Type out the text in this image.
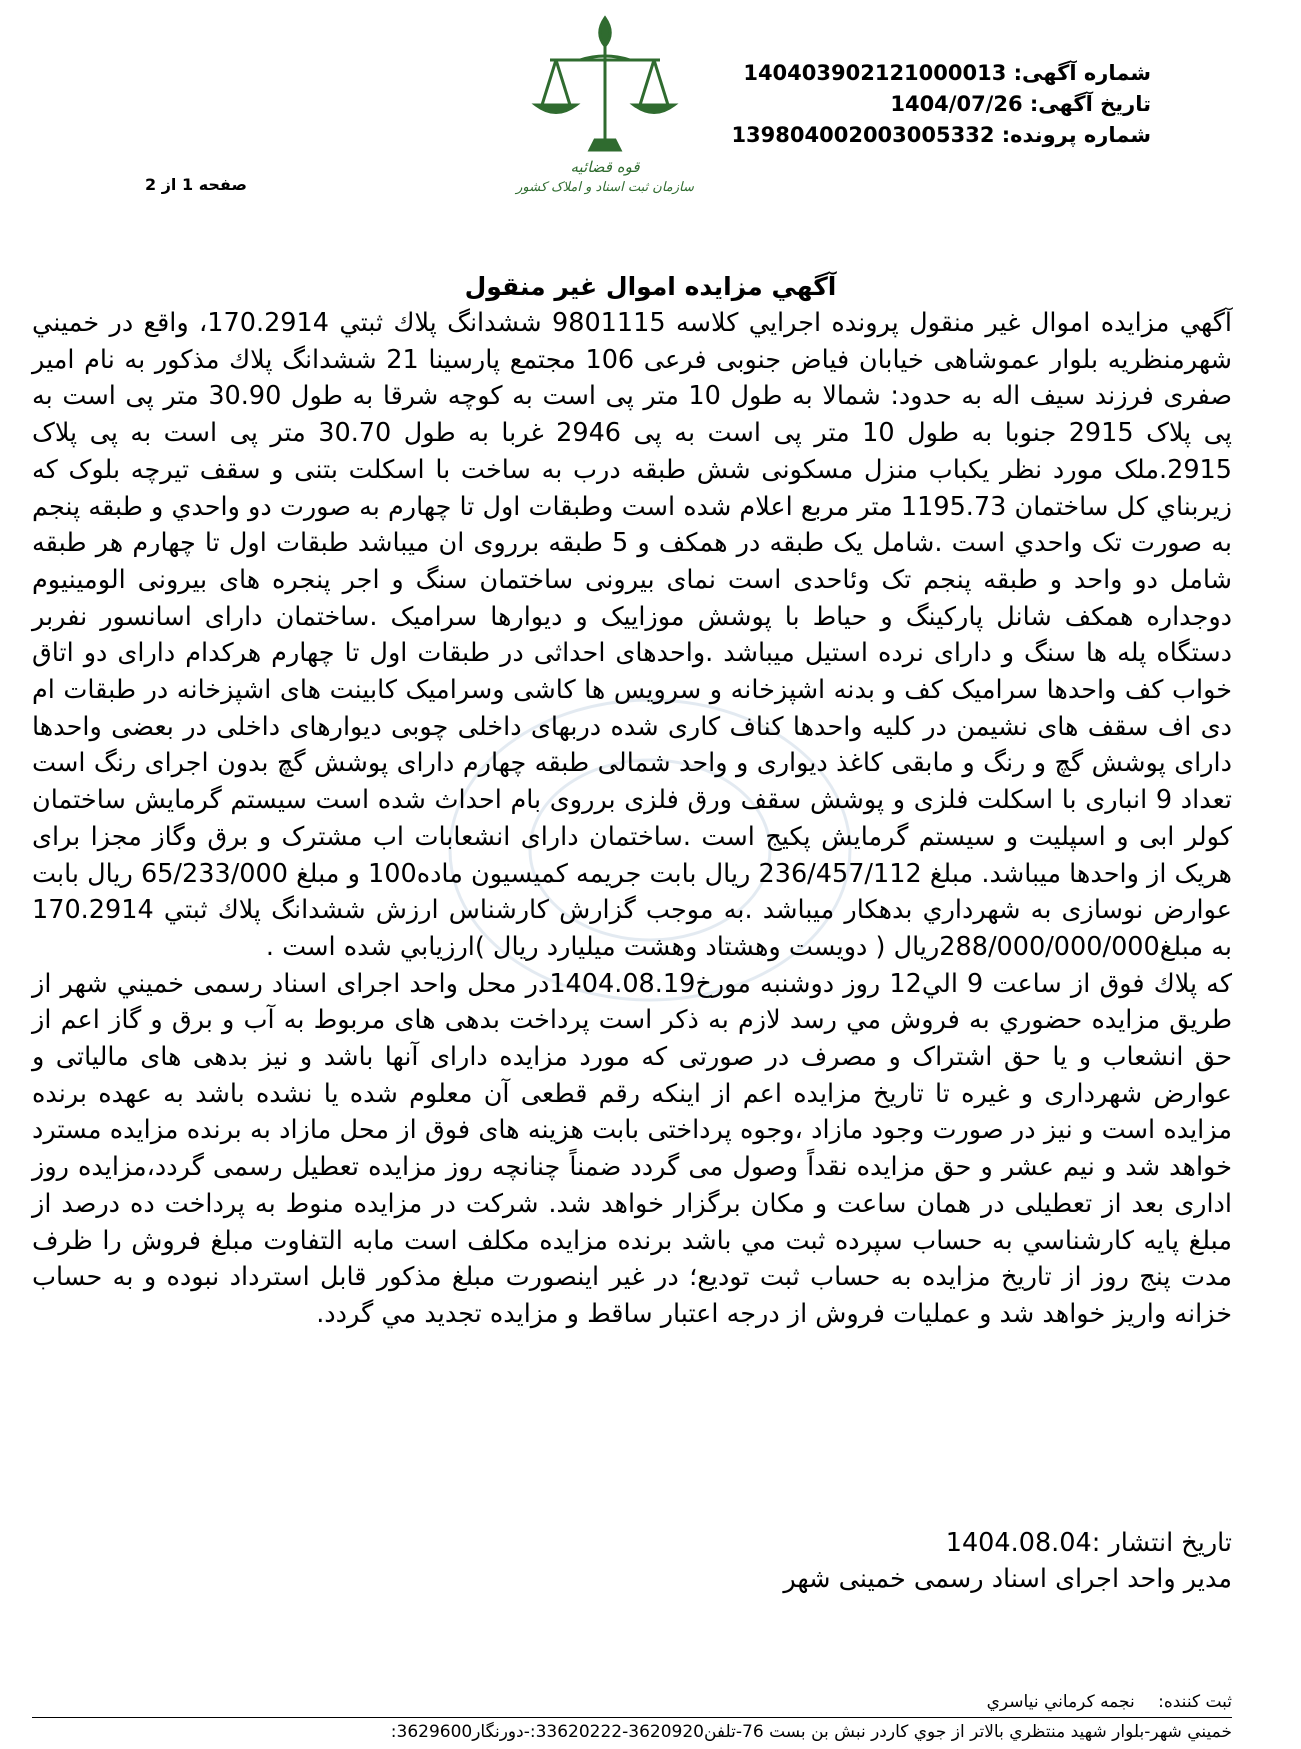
شماره آگهی: 140403902121000013
تاریخ آگهی: 1404/07/26
شماره پرونده: 139804002003005332
قوه قضائیه
سازمان ثبت اسناد و املاک کشور
صفحه 1 از 2
آگهي مزايده اموال غير منقول

آگهي مزايده اموال غير منقول پرونده اجرايي كلاسه 9801115 ششدانگ پلاك ثبتي 170.2914، واقع در خميني شهرمنظريه بلوار عموشاهی خیابان فیاض جنوبی فرعی 106 مجتمع پارسینا 21 ششدانگ پلاك مذكور به نام امیر صفری فرزند سیف اله به حدود: شمالا به طول 10 متر پی است به کوچه شرقا به طول 30.90 متر پی است به پی پلاک 2915 جنوبا به طول 10 متر پی است به پی 2946 غربا به طول 30.70 متر پی است به پی پلاک 2915.ملک مورد نظر یکباب منزل مسکونی شش طبقه درب به ساخت با اسکلت بتنی و سقف تیرچه بلوک که زیربناي کل ساختمان 1195.73 متر مربع اعلام شده است وطبقات اول تا چهارم به صورت دو واحدي و طبقه پنجم به صورت تک واحدي است .شامل یک طبقه در همکف و 5 طبقه برروی ان میباشد طبقات اول تا چهارم هر طبقه شامل دو واحد و طبقه پنجم تک وئاحدی است نمای بیرونی ساختمان سنگ و اجر پنجره های بیرونی الومینیوم دوجداره همکف شانل پارکینگ و حیاط با پوشش موزاییک و دیوارها سرامیک .ساختمان دارای اسانسور نفربر دستگاه پله ها سنگ و دارای نرده استیل میباشد .واحدهای احداثی در طبقات اول تا چهارم هرکدام دارای دو اتاق خواب کف واحدها سرامیک کف و بدنه اشپزخانه و سرویس ها کاشی وسرامیک کابینت های اشپزخانه در طبقات ام دی اف سقف های نشیمن در کلیه واحدها کناف کاری شده دربهای داخلی چوبی دیوارهای داخلی در بعضی واحدها دارای پوشش گچ و رنگ و مابقی کاغذ دیواری و واحد شمالی طبقه چهارم دارای پوشش گچ بدون اجرای رنگ است تعداد 9 انباری با اسکلت فلزی و پوشش سقف ورق فلزی برروی بام احداث شده است سیستم گرمایش ساختمان کولر ابی و اسپلیت و سیستم گرمایش پکیج است .ساختمان دارای انشعابات اب مشترک و برق وگاز مجزا برای هریک از واحدها میباشد. مبلغ 236/457/112 ریال بابت جریمه کمیسیون ماده100 و مبلغ 65/233/000 ریال بابت عوارض نوسازی به شهرداري بدهکار میباشد .به موجب گزارش کارشناس ارزش ششدانگ پلاك ثبتي 170.2914 به مبلغ288/000/000/000ريال ( دویست وهشتاد وهشت میلیارد ریال )ارزيابي شده است .

كه پلاك فوق از ساعت 9 الي12 روز دوشنبه مورخ1404.08.19در محل واحد اجرای اسناد رسمی خميني شهر از طريق مزايده حضوري به فروش مي رسد لازم به ذکر است پرداخت بدهی های مربوط به آب و برق و گاز اعم از حق انشعاب و یا حق اشتراک و مصرف در صورتی که مورد مزایده دارای آنها باشد و نیز بدهی های مالیاتی و عوارض شهرداری و غیره تا تاریخ مزایده اعم از اینکه رقم قطعی آن معلوم شده یا نشده باشد به عهده برنده مزایده است و نیز در صورت وجود مازاد ،وجوه پرداختی بابت هزینه های فوق از محل مازاد به برنده مزایده مسترد خواهد شد و نیم عشر و حق مزایده نقداً وصول می گردد ضمناً چنانچه روز مزایده تعطیل رسمی گردد،مزایده روز اداری بعد از تعطیلی در همان ساعت و مکان برگزار خواهد شد. شركت در مزايده منوط به پرداخت ده درصد از مبلغ پايه كارشناسي به حساب سپرده ثبت مي باشد برنده مزايده مكلف است مابه التفاوت مبلغ فروش را ظرف مدت پنج روز از تاريخ مزايده به حساب ثبت توديع؛ در غير اينصورت مبلغ مذكور قابل استرداد نبوده و به حساب خزانه واريز خواهد شد و عمليات فروش از درجه اعتبار ساقط و مزايده تجديد مي گردد.

تاریخ انتشار :1404.08.04
مدیر واحد اجرای اسناد رسمی خمینی شهر
ثبت کننده: نجمه كرماني نياسري
خميني شهر-بلوار شهيد منتظري بالاتر از جوي كاردر نبش بن بست 76-تلفن3620920-33620222:-دورنگار3629600:
